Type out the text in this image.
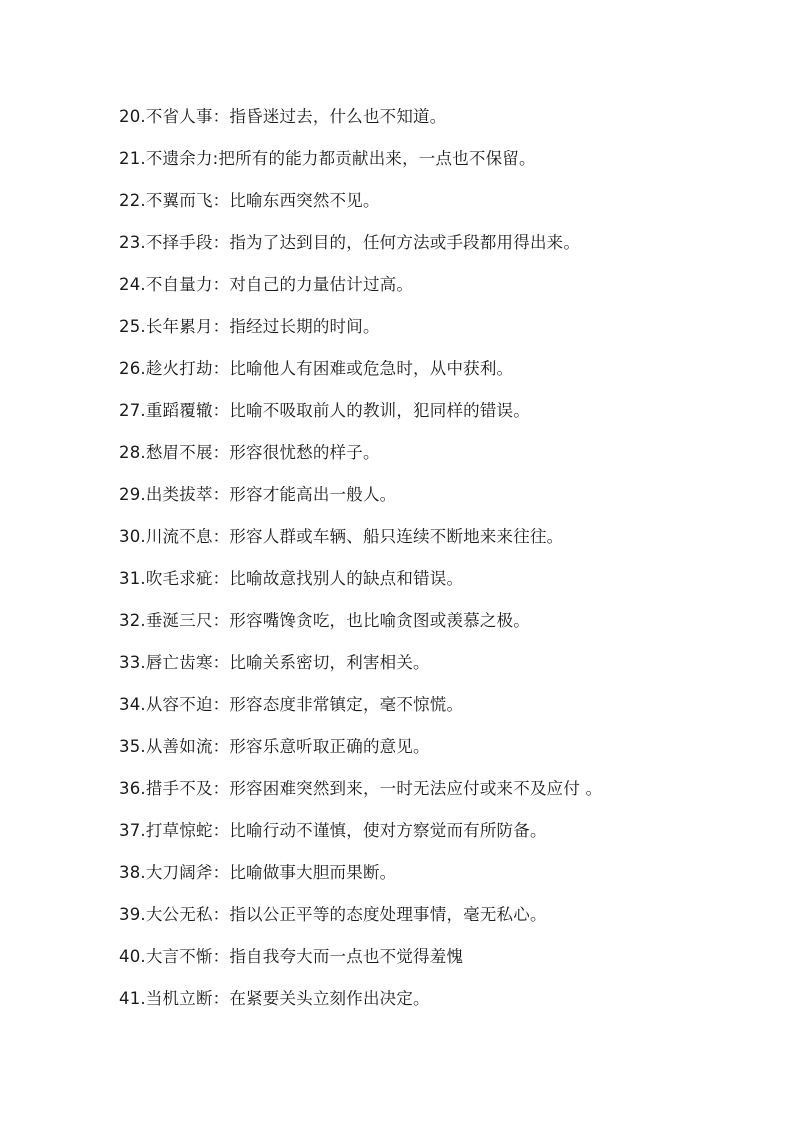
20.不省人事：指昏迷过去，什么也不知道。
21.不遗余力:把所有的能力都贡献出来，一点也不保留。
22.不翼而飞：比喻东西突然不见。
23.不择手段：指为了达到目的，任何方法或手段都用得出来。
24.不自量力：对自己的力量估计过高。
25.长年累月：指经过长期的时间。
26.趁火打劫：比喻他人有困难或危急时，从中获利。
27.重蹈覆辙：比喻不吸取前人的教训，犯同样的错误。
28.愁眉不展：形容很忧愁的样子。
29.出类拔萃：形容才能高出一般人。
30.川流不息：形容人群或车辆、船只连续不断地来来往往。
31.吹毛求疵：比喻故意找别人的缺点和错误。
32.垂涎三尺：形容嘴馋贪吃，也比喻贪图或羡慕之极。
33.唇亡齿寒：比喻关系密切，利害相关。
34.从容不迫：形容态度非常镇定，毫不惊慌。
35.从善如流：形容乐意听取正确的意见。
36.措手不及：形容困难突然到来，一时无法应付或来不及应付 。
37.打草惊蛇：比喻行动不谨慎，使对方察觉而有所防备。
38.大刀阔斧：比喻做事大胆而果断。
39.大公无私：指以公正平等的态度处理事情，毫无私心。
40.大言不惭：指自我夸大而一点也不觉得羞愧
41.当机立断：在紧要关头立刻作出决定。
